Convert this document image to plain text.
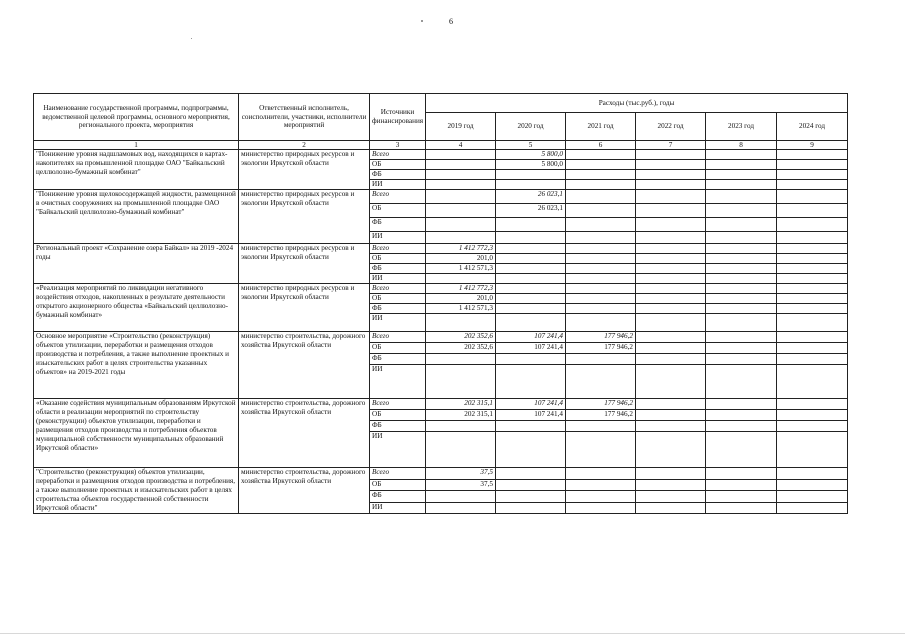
6
Наименование государственной программы, подпрограммы, ведомственной целевой программы, основного мероприятия, регионального проекта, мероприятия	Ответственный исполнитель, соисполнители, участники, исполнители мероприятий	Источники финансирования	Расходы (тыс.руб.), годы					
			2019 год	2020 год	2021 год	2022 год	2023 год	2024 год
1	2	3	4	5	6	7	8	9
"Понижение уровня надшламовых вод, находящихся в картах-накопителях на промышленной площадке ОАО "Байкальский целлюлозно-бумажный комбинат"	министерство природных ресурсов и экологии Иркутской области	Всего		5 800,0				
		ОБ		5 800,0				
		ФБ						
		ИИ						
"Понижение уровня щелокосодержащей жидкости, размещенной в очистных сооружениях на промышленной площадке ОАО "Байкальский целлюлозно-бумажный комбинат"	министерство природных ресурсов и экологии Иркутской области	Всего		26 023,1				
		ОБ		26 023,1				
		ФБ						
		ИИ						
Региональный проект «Сохранение озера Байкал» на 2019 -2024 годы	министерство природных ресурсов и экологии Иркутской области	Всего	1 412 772,3					
		ОБ	201,0					
		ФБ	1 412 571,3					
		ИИ						
«Реализация мероприятий по ликвидации негативного воздействия отходов, накопленных в результате деятельности открытого акционерного общества «Байкальский целлюлозно-бумажный комбинат»	министерство природных ресурсов и экологии Иркутской области	Всего	1 412 772,3					
		ОБ	201,0					
		ФБ	1 412 571,3					
		ИИ						
Основное мероприятие «Строительство (реконструкция) объектов утилизации, переработки и размещения отходов производства и потребления, а также выполнение проектных и изыскательских работ в целях строительства указанных объектов» на 2019-2021 годы	министерство строительства, дорожного хозяйства Иркутской области	Всего	202 352,6	107 241,4	177 946,2			
		ОБ	202 352,6	107 241,4	177 946,2			
		ФБ						
		ИИ						
«Оказание содействия муниципальным образованиям Иркутской области в реализации мероприятий по строительству (реконструкции) объектов утилизации, переработки и размещения отходов производства и потребления объектов муниципальной собственности муниципальных образований Иркутской области»	министерство строительства, дорожного хозяйства Иркутской области	Всего	202 315,1	107 241,4	177 946,2			
		ОБ	202 315,1	107 241,4	177 946,2			
		ФБ						
		ИИ						
"Строительство (реконструкция) объектов утилизации, переработки и размещения отходов производства и потребления, а также выполнение проектных и изыскательских работ в целях строительства объектов государственной собственности Иркутской области"	министерство строительства, дорожного хозяйства Иркутской области	Всего	37,5					
		ОБ	37,5					
		ФБ						
		ИИ						
